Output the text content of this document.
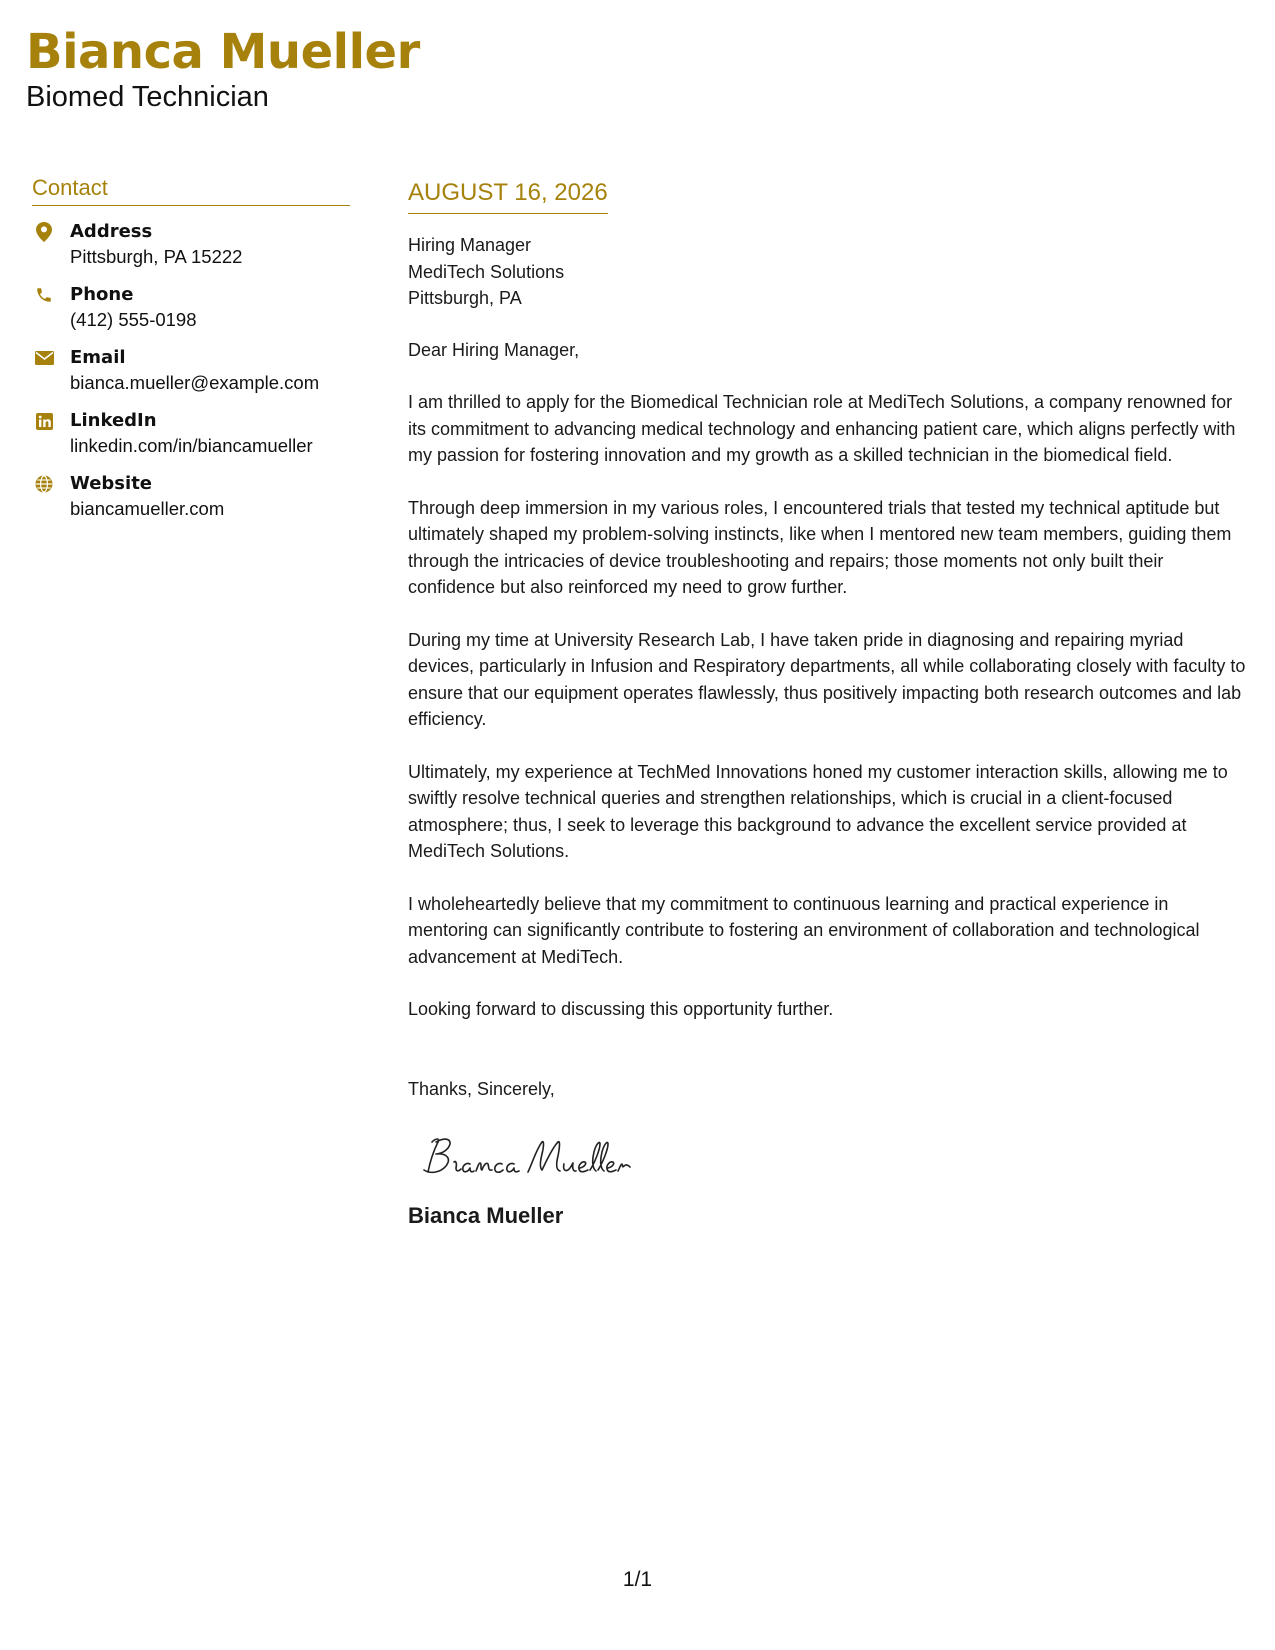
Bianca Mueller
Biomed Technician
Contact
Address
Pittsburgh, PA 15222
Phone
(412) 555-0198
Email
bianca.mueller@example.com
LinkedIn
linkedin.com/in/biancamueller
Website
biancamueller.com
AUGUST 16, 2026
Hiring Manager
MediTech Solutions
Pittsburgh, PA
Dear Hiring Manager,
I am thrilled to apply for the Biomedical Technician role at MediTech Solutions, a company renowned for its commitment to advancing medical technology and enhancing patient care, which aligns perfectly with my passion for fostering innovation and my growth as a skilled technician in the biomedical field.
Through deep immersion in my various roles, I encountered trials that tested my technical aptitude but ultimately shaped my problem-solving instincts, like when I mentored new team members, guiding them through the intricacies of device troubleshooting and repairs; those moments not only built their confidence but also reinforced my need to grow further.
During my time at University Research Lab, I have taken pride in diagnosing and repairing myriad devices, particularly in Infusion and Respiratory departments, all while collaborating closely with faculty to ensure that our equipment operates flawlessly, thus positively impacting both research outcomes and lab efficiency.
Ultimately, my experience at TechMed Innovations honed my customer interaction skills, allowing me to swiftly resolve technical queries and strengthen relationships, which is crucial in a client-focused atmosphere; thus, I seek to leverage this background to advance the excellent service provided at MediTech Solutions.
I wholeheartedly believe that my commitment to continuous learning and practical experience in mentoring can significantly contribute to fostering an environment of collaboration and technological advancement at MediTech.
Looking forward to discussing this opportunity further.
Thanks, Sincerely,
Bianca Mueller
1/1
